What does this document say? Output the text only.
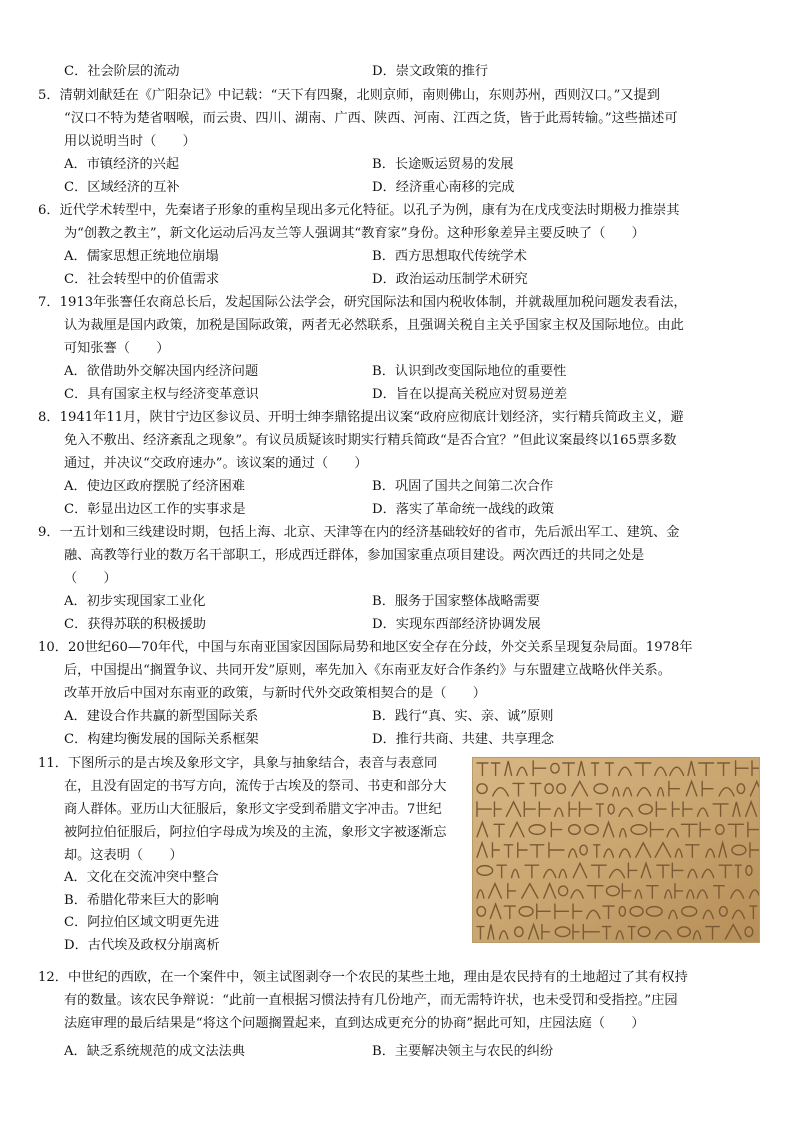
C．社会阶层的流动	D．崇文政策的推行
5．清朝刘献廷在《广阳杂记》中记载：“天下有四聚，北则京师，南则佛山，东则苏州，西则汉口。”又提到
“汉口不特为楚省咽喉，而云贵、四川、湖南、广西、陕西、河南、江西之货，皆于此焉转输。”这些描述可
用以说明当时（　　）
A．市镇经济的兴起	B．长途贩运贸易的发展
C．区域经济的互补	D．经济重心南移的完成
6．近代学术转型中，先秦诸子形象的重构呈现出多元化特征。以孔子为例，康有为在戊戌变法时期极力推崇其
为“创教之教主”，新文化运动后冯友兰等人强调其“教育家”身份。这种形象差异主要反映了（　　）
A．儒家思想正统地位崩塌	B．西方思想取代传统学术
C．社会转型中的价值需求	D．政治运动压制学术研究
7．1913年张謇任农商总长后，发起国际公法学会，研究国际法和国内税收体制，并就裁厘加税问题发表看法，
认为裁厘是国内政策，加税是国际政策，两者无必然联系，且强调关税自主关乎国家主权及国际地位。由此
可知张謇（　　）
A．欲借助外交解决国内经济问题	B．认识到改变国际地位的重要性
C．具有国家主权与经济变革意识	D．旨在以提高关税应对贸易逆差
8．1941年11月，陕甘宁边区参议员、开明士绅李鼎铭提出议案“政府应彻底计划经济，实行精兵简政主义，避
免入不敷出、经济紊乱之现象”。有议员质疑该时期实行精兵简政“是否合宜？”但此议案最终以165票多数
通过，并决议“交政府速办”。该议案的通过（　　）
A．使边区政府摆脱了经济困难	B．巩固了国共之间第二次合作
C．彰显出边区工作的实事求是	D．落实了革命统一战线的政策
9．一五计划和三线建设时期，包括上海、北京、天津等在内的经济基础较好的省市，先后派出军工、建筑、金
融、高教等行业的数万名干部职工，形成西迁群体，参加国家重点项目建设。两次西迁的共同之处是
（　　）
A．初步实现国家工业化	B．服务于国家整体战略需要
C．获得苏联的积极援助	D．实现东西部经济协调发展
10．20世纪60—70年代，中国与东南亚国家因国际局势和地区安全存在分歧，外交关系呈现复杂局面。1978年
后，中国提出“搁置争议、共同开发”原则，率先加入《东南亚友好合作条约》与东盟建立战略伙伴关系。
改革开放后中国对东南亚的政策，与新时代外交政策相契合的是（　　）
A．建设合作共赢的新型国际关系	B．践行“真、实、亲、诚”原则
C．构建均衡发展的国际关系框架	D．推行共商、共建、共享理念
11．下图所示的是古埃及象形文字，具象与抽象结合，表音与表意同
在，且没有固定的书写方向，流传于古埃及的祭司、书吏和部分大
商人群体。亚历山大征服后，象形文字受到希腊文字冲击。7世纪
被阿拉伯征服后，阿拉伯字母成为埃及的主流，象形文字被逐渐忘
却。这表明（　　）
A．文化在交流冲突中整合
B．希腊化带来巨大的影响
C．阿拉伯区域文明更先进
D．古代埃及政权分崩离析
12．中世纪的西欧，在一个案件中，领主试图剥夺一个农民的某些土地，理由是农民持有的土地超过了其有权持
有的数量。该农民争辩说：“此前一直根据习惯法持有几份地产，而无需特许状，也未受罚和受指控。”庄园
法庭审理的最后结果是“将这个问题搁置起来，直到达成更充分的协商”据此可知，庄园法庭（　　）
A．缺乏系统规范的成文法法典	B．主要解决领主与农民的纠纷
